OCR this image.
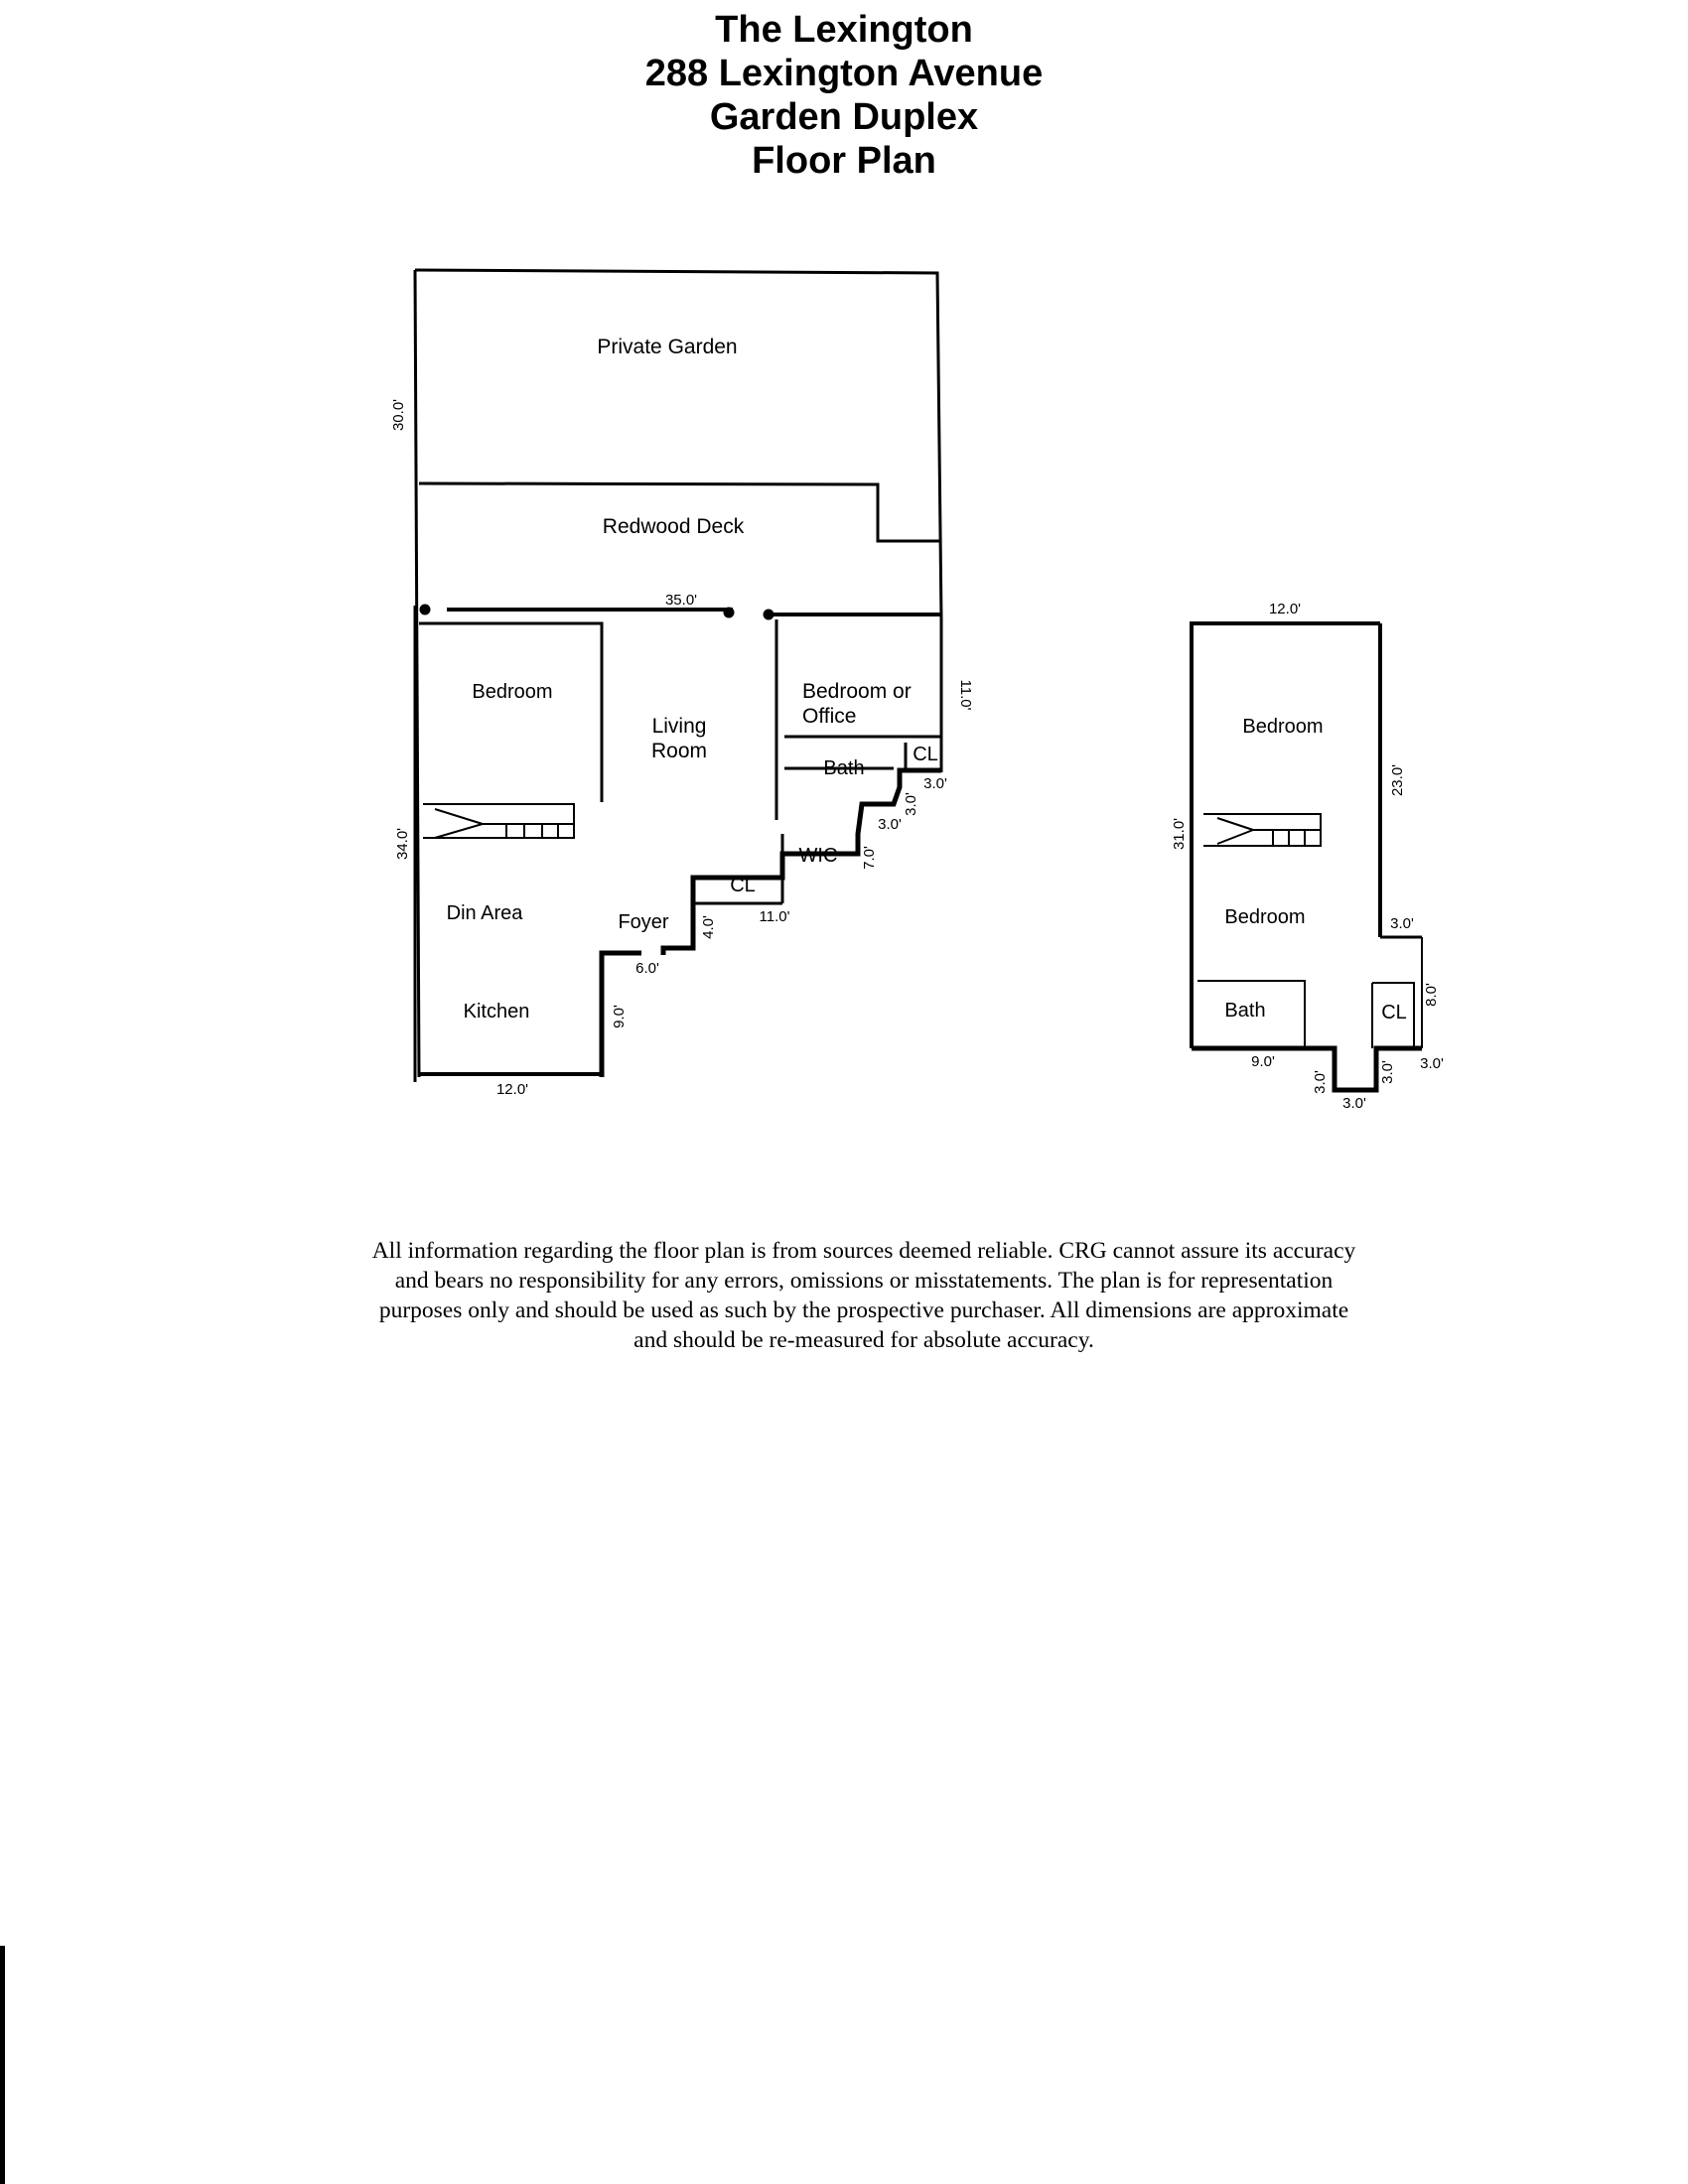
The Lexington
288 Lexington Avenue
Garden Duplex
Floor Plan
Private Garden
Redwood Deck
Bedroom
Living
Room
Bedroom or
Office
Bath
CL
WIC
CL
Din Area	Foyer
Kitchen
30.0'
35.0'
11.0'
3.0'
3.0'
3.0'
7.0'
34.0'
4.0'	11.0'
6.0'
9.0'
12.0'
Bedroom
Bedroom
Bath	CL
12.0'
31.0'
23.0'
3.0'
8.0'
9.0'
3.0'	3.0'
3.0'
3.0'
All information regarding the floor plan is from sources deemed reliable. CRG cannot assure its accuracy
and bears no responsibility for any errors, omissions or misstatements. The plan is for representation
purposes only and should be used as such by the prospective purchaser. All dimensions are approximate
and should be re-measured for absolute accuracy.
